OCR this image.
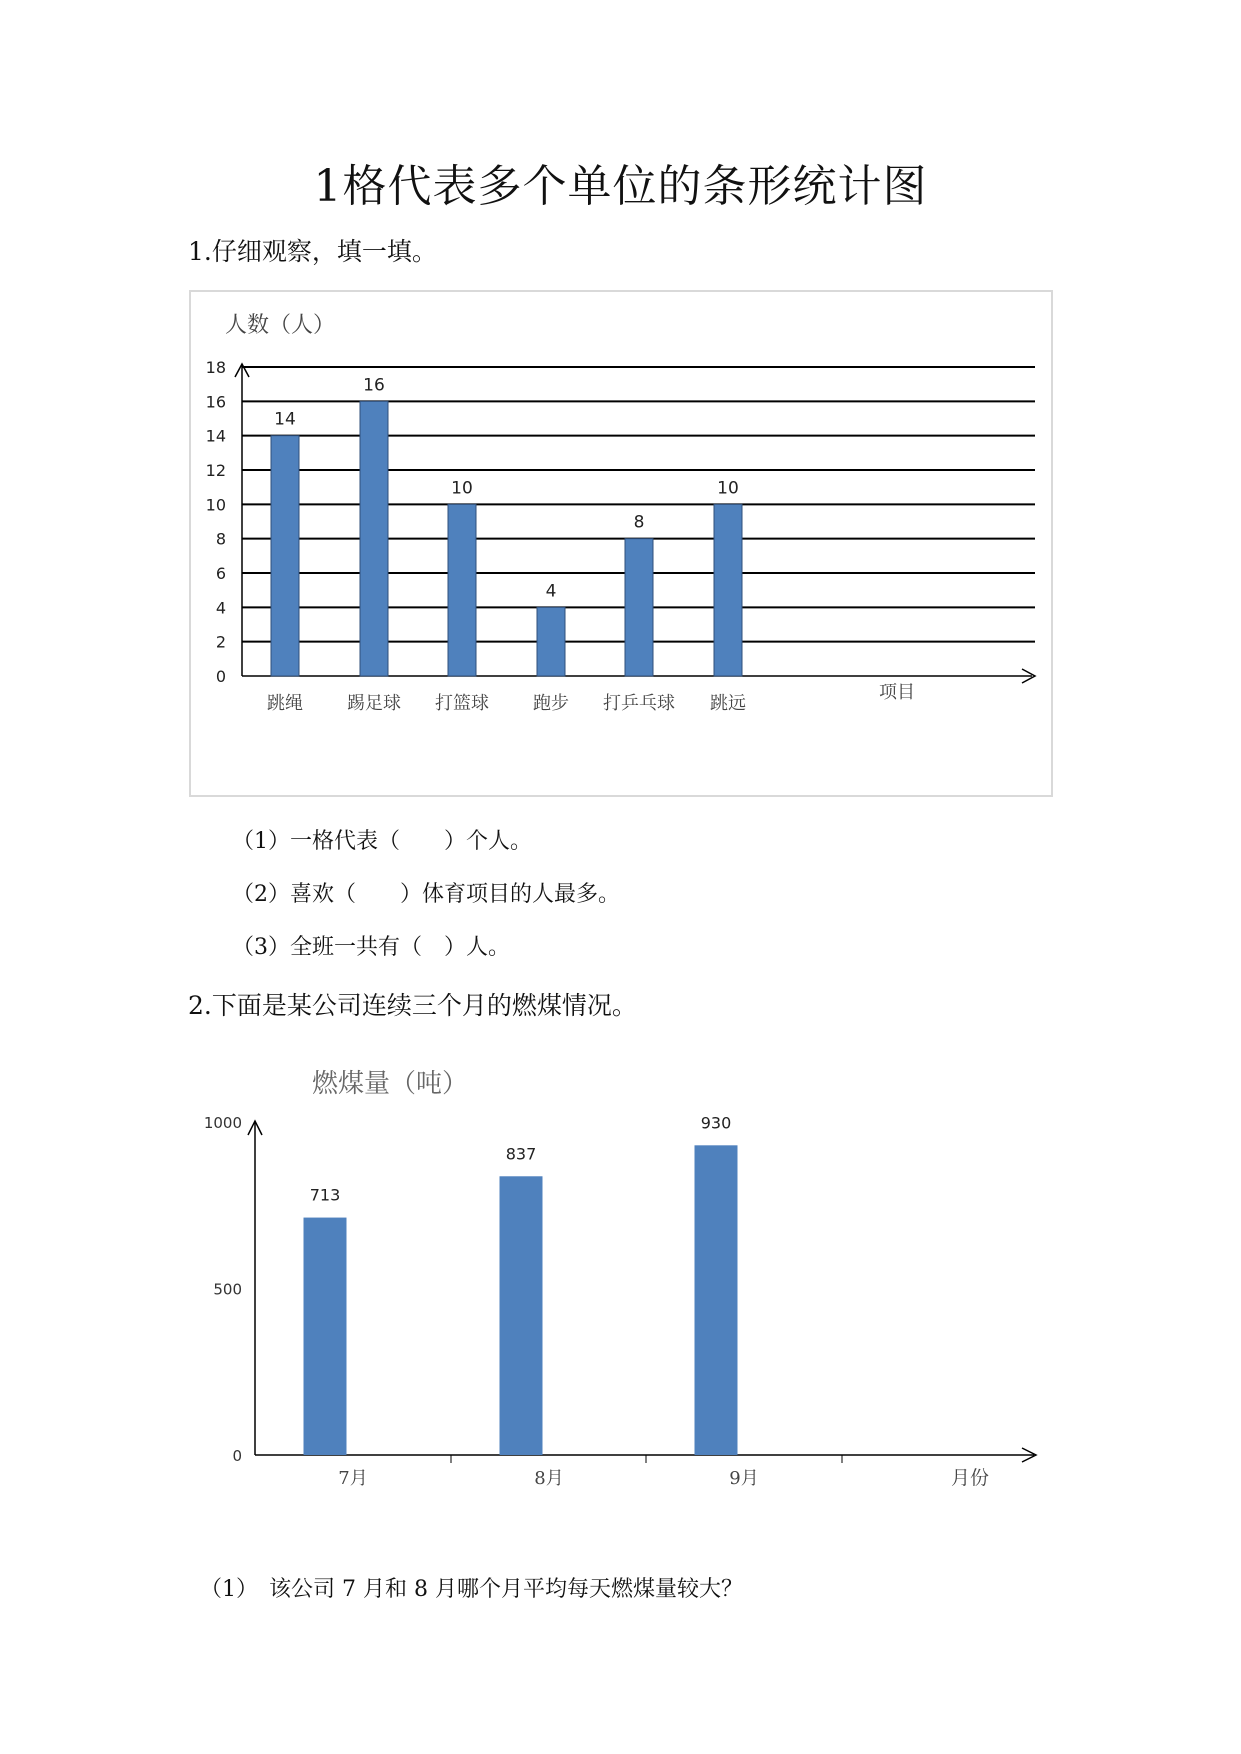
1格代表多个单位的条形统计图
1.仔细观察，填一填。
0
2
4
6
8
10
12
14
16
18
人数（人）
14
跳绳
16
踢足球
10
打篮球
4
跑步
8
打乒乓球
10
跳远
项目
（1）一格代表（　　）个人。
（2）喜欢（　　）体育项目的人最多。
（3）全班一共有（　）人。
2.下面是某公司连续三个月的燃煤情况。
燃煤量（吨）
0
500
1000
713
7月
837
8月
930
9月	月份
（1）　该公司 7 月和 8 月哪个月平均每天燃煤量较大？
